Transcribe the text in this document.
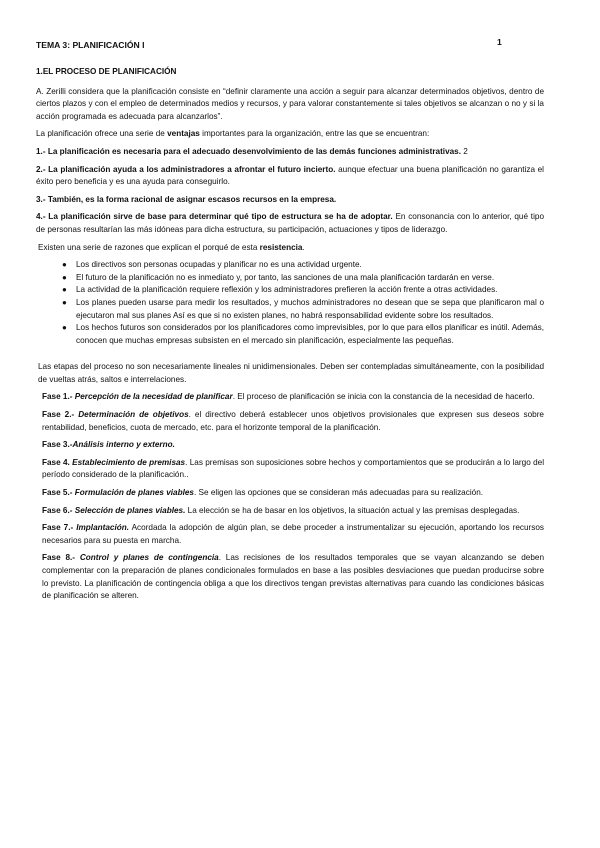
TEMA 3: PLANIFICACIÓN I	1

1.EL PROCESO DE PLANIFICACIÓN

A. Zerilli considera que la planificación consiste en “definir claramente una acción a seguir para alcanzar determinados objetivos, dentro de ciertos plazos y con el empleo de determinados medios y recursos, y para valorar constantemente si tales objetivos se alcanzan o no y si la acción programada es adecuada para alcanzarlos”.

La planificación ofrece una serie de ventajas importantes para la organización, entre las que se encuentran:

1.- La planificación es necesaria para el adecuado desenvolvimiento de las demás funciones administrativas. 2

2.- La planificación ayuda a los administradores a afrontar el futuro incierto. aunque efectuar una buena planificación no garantiza el éxito pero beneficia y es una ayuda para conseguirlo.

3.- También, es la forma racional de asignar escasos recursos en la empresa.

4.- La planificación sirve de base para determinar qué tipo de estructura se ha de adoptar. En consonancia con lo anterior, qué tipo de personas resultarían las más idóneas para dicha estructura, su participación, actuaciones y tipos de liderazgo.

Existen una serie de razones que explican el porqué de esta resistencia.

● Los directivos son personas ocupadas y planificar no es una actividad urgente.
● El futuro de la planificación no es inmediato y, por tanto, las sanciones de una mala planificación tardarán en verse.
● La actividad de la planificación requiere reflexión y los administradores prefieren la acción frente a otras actividades.
● Los planes pueden usarse para medir los resultados, y muchos administradores no desean que se sepa que planificaron mal o ejecutaron mal sus planes Así es que si no existen planes, no habrá responsabilidad evidente sobre los resultados.
● Los hechos futuros son considerados por los planificadores como imprevisibles, por lo que para ellos planificar es inútil. Además, conocen que muchas empresas subsisten en el mercado sin planificación, especialmente las pequeñas.

Las etapas del proceso no son necesariamente lineales ni unidimensionales. Deben ser contempladas simultáneamente, con la posibilidad de vueltas atrás, saltos e interrelaciones.

Fase 1.- Percepción de la necesidad de planificar. El proceso de planificación se inicia con la constancia de la necesidad de hacerlo.

Fase 2.- Determinación de objetivos. el directivo deberá establecer unos objetivos provisionales que expresen sus deseos sobre rentabilidad, beneficios, cuota de mercado, etc. para el horizonte temporal de la planificación.

Fase 3.-Análisis interno y externo.

Fase 4. Establecimiento de premisas. Las premisas son suposiciones sobre hechos y comportamientos que se producirán a lo largo del período considerado de la planificación..

Fase 5.- Formulación de planes viables. Se eligen las opciones que se consideran más adecuadas para su realización.

Fase 6.- Selección de planes viables. La elección se ha de basar en los objetivos, la situación actual y las premisas desplegadas.

Fase 7.- Implantación. Acordada la adopción de algún plan, se debe proceder a instrumentalizar su ejecución, aportando los recursos necesarios para su puesta en marcha.

Fase 8.- Control y planes de contingencia. Las recisiones de los resultados temporales que se vayan alcanzando se deben complementar con la preparación de planes condicionales formulados en base a las posibles desviaciones que puedan producirse sobre lo previsto. La planificación de contingencia obliga a que los directivos tengan previstas alternativas para cuando las condiciones básicas de planificación se alteren.
